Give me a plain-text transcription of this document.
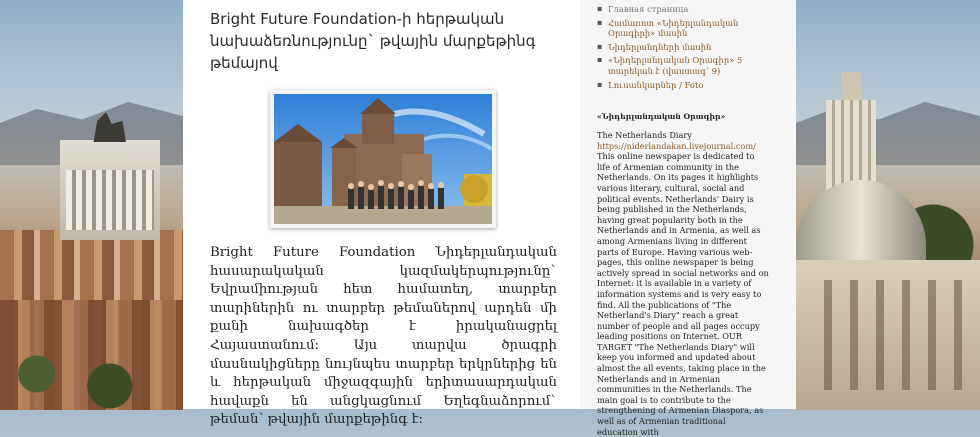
Bright Future Foundation-ի հերթական նախաձեռնությունը` թվային մարքեթինգ թեմայով

Bright Future Foundation Նիդերլանդական հասարակական կազմակերպությունը` Եվրամիության հետ համատեղ, տարբեր տարիներին ու տարբեր թեմաներով արդեն մի քանի նախագծեր է իրականացրել Հայաստանում: Այս տարվա ծրագրի մասնակիցները նույնպես տարբեր երկրներից են և հերթական միջազգային երիտասարդական հավաքն են անցկացնում Եղեգնաձորում` թեման՝ թվային մարքեթինգ է:

▪ Главная страница
▪ Համառոտ «Նիդերլանդական Օրագիրի» մասին
▪ Նիդերլանդների մասին
▪ «Նիդերլանդական Օրագիր» 5 տարեկան է (վաստագ՝ 9)
▪ Լուսանկարներ / Foto
«Նիդերլանդական Օրագիր»

The Netherlands Diary

https://niderlandakan.livejournal.com/

This online newspaper is dedicated to life of Armenian community in the Netherlands. On its pages it highlights various literary, cultural, social and political events. Netherlands' Dairy is being published in the Netherlands, having great popularity both in the Netherlands and in Armenia, as well as among Armenians living in different parts of Europe. Having various web-pages, this online newspaper is being actively spread in social networks and on Internet: it is available in a variety of information systems and is very easy to find. All the publications of "The Netherland's Diary" reach a great number of people and all pages occupy leading positions on Internet. OUR TARGET "The Netherlands Diary" will keep you informed and updated about almost the all events, taking place in the Netherlands and in Armenian communities in the Netherlands. The main goal is to contribute to the strengthening of Armenian Diaspora, as well as of Armenian traditional education with
